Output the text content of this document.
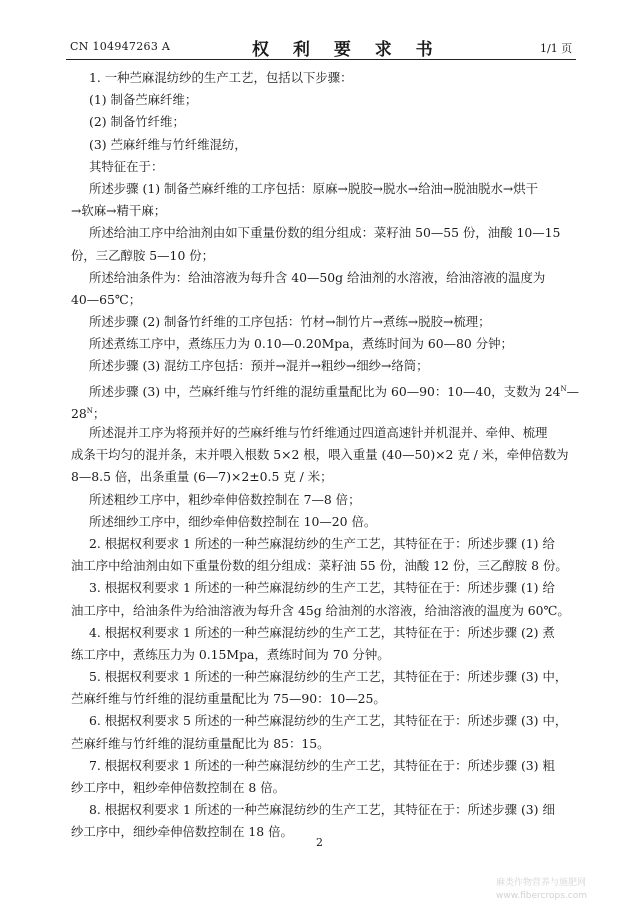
CN 104947263 A	权 利 要 求 书	1/1 页
1. 一种苎麻混纺纱的生产工艺，包括以下步骤：
(1) 制备苎麻纤维；
(2) 制备竹纤维；
(3) 苎麻纤维与竹纤维混纺，
其特征在于：
所述步骤 (1) 制备苎麻纤维的工序包括：原麻→脱胶→脱水→给油→脱油脱水→烘干
→软麻→精干麻；
所述给油工序中给油剂由如下重量份数的组分组成：菜籽油 50—55 份，油酸 10—15
份，三乙醇胺 5—10 份；
所述给油条件为：给油溶液为每升含 40—50g 给油剂的水溶液，给油溶液的温度为
40—65℃；
所述步骤 (2) 制备竹纤维的工序包括：竹材→制竹片→煮练→脱胶→梳理；
所述煮练工序中，煮练压力为 0.10—0.20Mpa，煮练时间为 60—80 分钟；
所述步骤 (3) 混纺工序包括：预并→混并→粗纱→细纱→络筒；
所述步骤 (3) 中，苎麻纤维与竹纤维的混纺重量配比为 60—90：10—40，支数为 $24^N—$
$28^N$；
所述混并工序为将预并好的苎麻纤维与竹纤维通过四道高速针并机混并、牵伸、梳理
成条干均匀的混并条，末并喂入根数 5×2 根，喂入重量 (40—50)×2 克 / 米，牵伸倍数为
8—8.5 倍，出条重量 (6—7)×2±0.5 克 / 米；
所述粗纱工序中，粗纱牵伸倍数控制在 7—8 倍；
所述细纱工序中，细纱牵伸倍数控制在 10—20 倍。
2. 根据权利要求 1 所述的一种苎麻混纺纱的生产工艺，其特征在于：所述步骤 (1) 给
油工序中给油剂由如下重量份数的组分组成：菜籽油 55 份，油酸 12 份，三乙醇胺 8 份。
3. 根据权利要求 1 所述的一种苎麻混纺纱的生产工艺，其特征在于：所述步骤 (1) 给
油工序中，给油条件为给油溶液为每升含 45g 给油剂的水溶液，给油溶液的温度为 60℃。
4. 根据权利要求 1 所述的一种苎麻混纺纱的生产工艺，其特征在于：所述步骤 (2) 煮
练工序中，煮练压力为 0.15Mpa，煮练时间为 70 分钟。
5. 根据权利要求 1 所述的一种苎麻混纺纱的生产工艺，其特征在于：所述步骤 (3) 中，
苎麻纤维与竹纤维的混纺重量配比为 75—90：10—25。
6. 根据权利要求 5 所述的一种苎麻混纺纱的生产工艺，其特征在于：所述步骤 (3) 中，
苎麻纤维与竹纤维的混纺重量配比为 85：15。
7. 根据权利要求 1 所述的一种苎麻混纺纱的生产工艺，其特征在于：所述步骤 (3) 粗
纱工序中，粗纱牵伸倍数控制在 8 倍。
8. 根据权利要求 1 所述的一种苎麻混纺纱的生产工艺，其特征在于：所述步骤 (3) 细
纱工序中，细纱牵伸倍数控制在 18 倍。
2
麻类作物营养与施肥网
www.fibercrops.com
